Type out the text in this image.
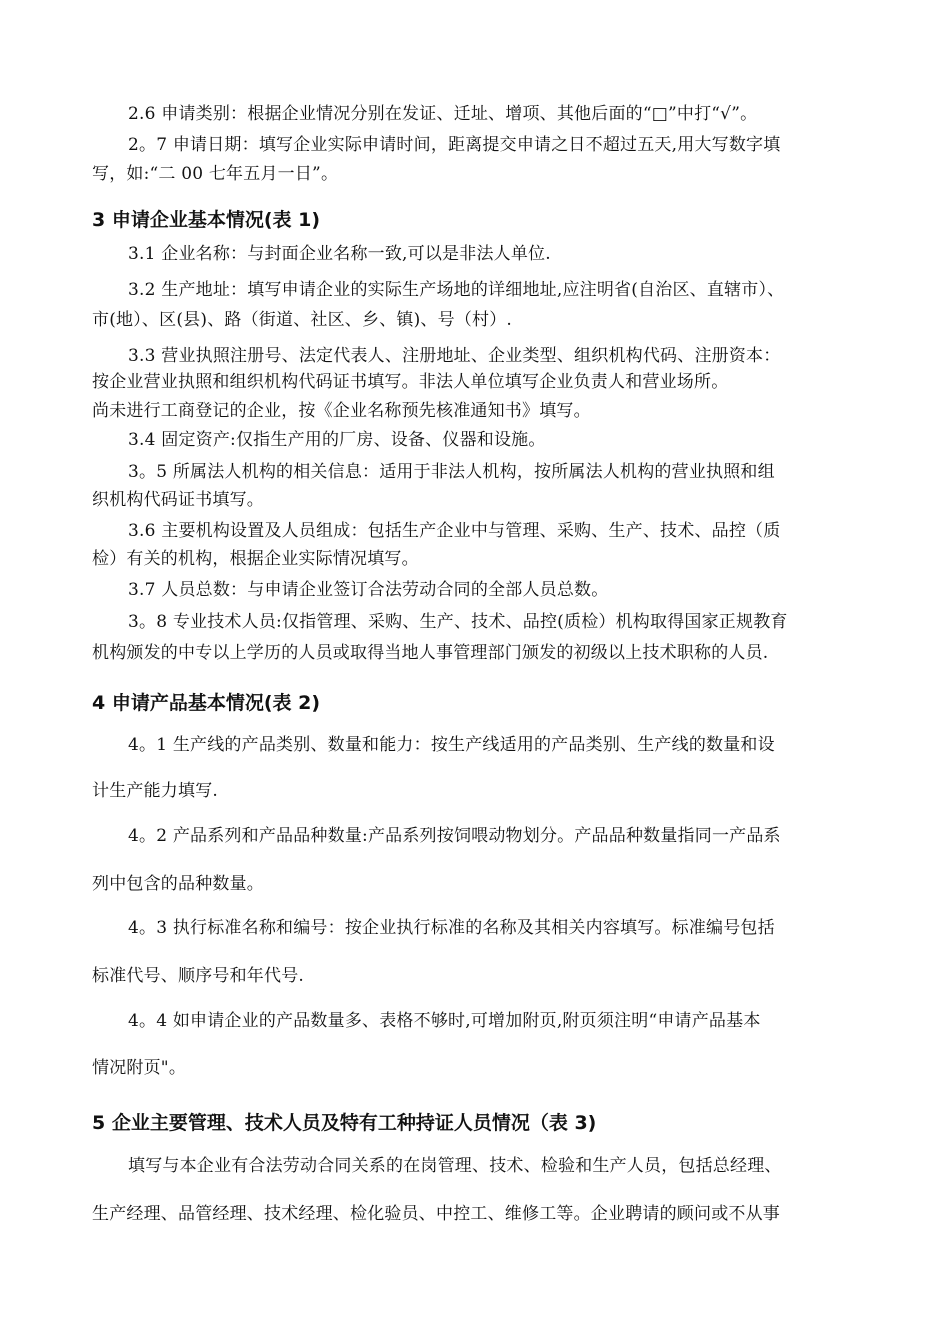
2.6 申请类别：根据企业情况分别在发证、迁址、增项、其他后面的“□”中打“√”。
2。7 申请日期：填写企业实际申请时间，距离提交申请之日不超过五天,用大写数字填
写，如:“二 00 七年五月一日”。
3 申请企业基本情况(表 1)
3.1 企业名称：与封面企业名称一致,可以是非法人单位.
3.2 生产地址：填写申请企业的实际生产场地的详细地址,应注明省(自治区、直辖市）、
市(地）、区(县)、路（街道、社区、乡、镇)、号（村）.
3.3 营业执照注册号、法定代表人、注册地址、企业类型、组织机构代码、注册资本：
按企业营业执照和组织机构代码证书填写。非法人单位填写企业负责人和营业场所。
尚未进行工商登记的企业，按《企业名称预先核准通知书》填写。
3.4 固定资产:仅指生产用的厂房、设备、仪器和设施。
3。5 所属法人机构的相关信息：适用于非法人机构，按所属法人机构的营业执照和组
织机构代码证书填写。
3.6 主要机构设置及人员组成：包括生产企业中与管理、采购、生产、技术、品控（质
检）有关的机构，根据企业实际情况填写。
3.7 人员总数：与申请企业签订合法劳动合同的全部人员总数。
3。8 专业技术人员:仅指管理、采购、生产、技术、品控(质检）机构取得国家正规教育
机构颁发的中专以上学历的人员或取得当地人事管理部门颁发的初级以上技术职称的人员.
4 申请产品基本情况(表 2)
4。1 生产线的产品类别、数量和能力：按生产线适用的产品类别、生产线的数量和设
计生产能力填写.
4。2 产品系列和产品品种数量:产品系列按饲喂动物划分。产品品种数量指同一产品系
列中包含的品种数量。
4。3 执行标准名称和编号：按企业执行标准的名称及其相关内容填写。标准编号包括
标准代号、顺序号和年代号.
4。4 如申请企业的产品数量多、表格不够时,可增加附页,附页须注明“申请产品基本
情况附页"。
5 企业主要管理、技术人员及特有工种持证人员情况（表 3)
填写与本企业有合法劳动合同关系的在岗管理、技术、检验和生产人员，包括总经理、
生产经理、品管经理、技术经理、检化验员、中控工、维修工等。企业聘请的顾问或不从事
